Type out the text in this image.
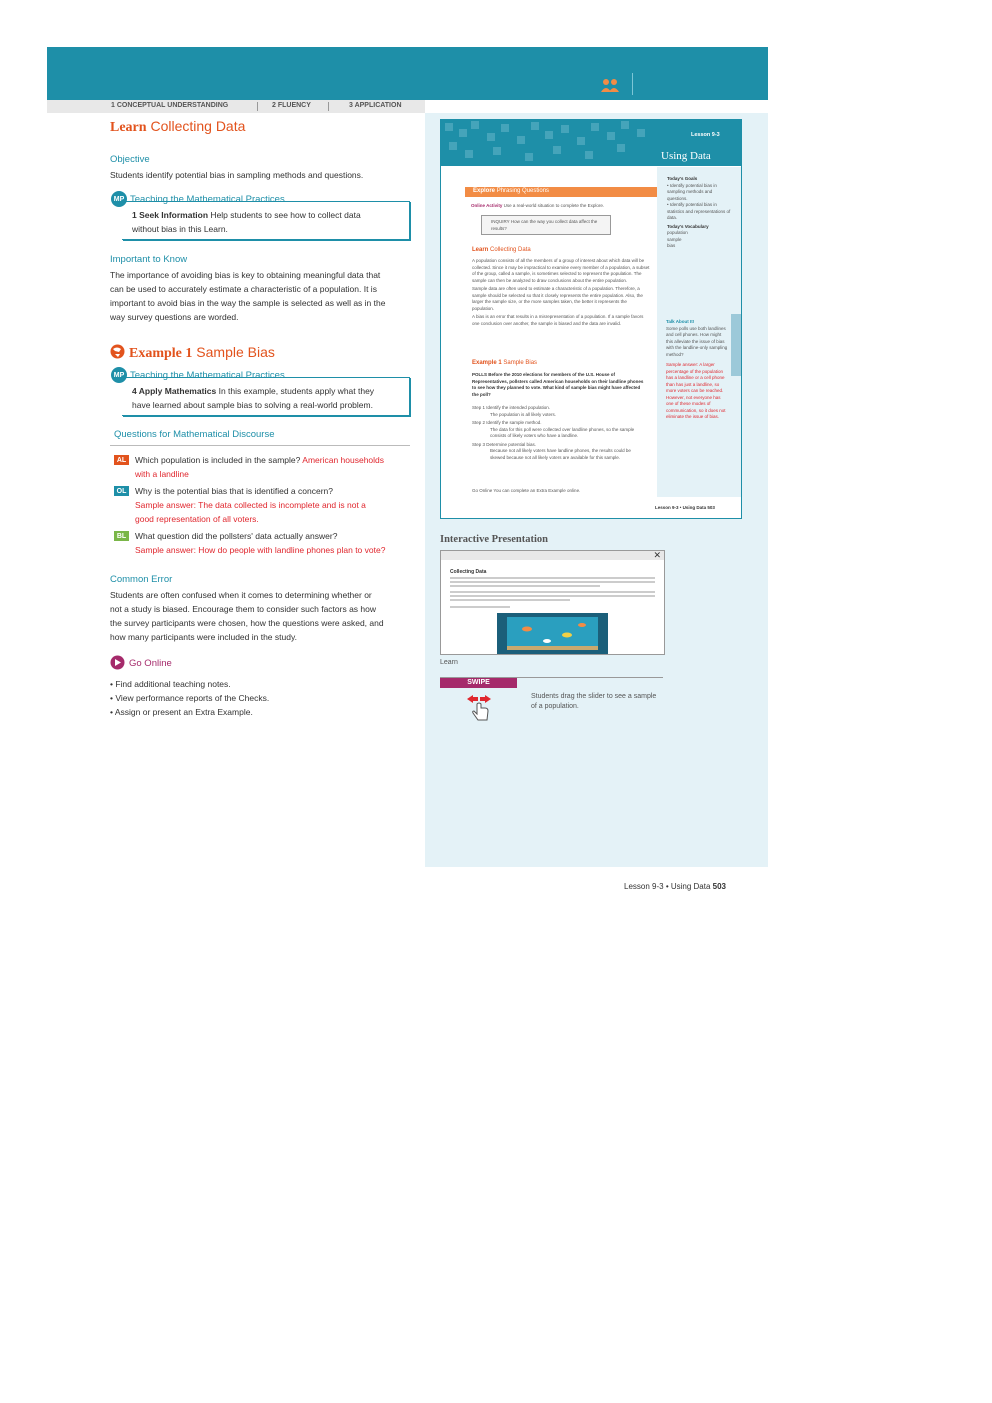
1 CONCEPTUAL UNDERSTANDING	2 FLUENCY	3 APPLICATION
Learn Collecting Data
Objective
Students identify potential bias in sampling methods and questions.
MP Teaching the Mathematical Practices
1 Seek Information Help students to see how to collect data
without bias in this Learn.
Important to Know
The importance of avoiding bias is key to obtaining meaningful data that
can be used to accurately estimate a characteristic of a population. It is
important to avoid bias in the way the sample is selected as well as in the
way survey questions are worded.
Example 1 Sample Bias
MP Teaching the Mathematical Practices
4 Apply Mathematics In this example, students apply what they
have learned about sample bias to solving a real-world problem.
Questions for Mathematical Discourse
AL	Which population is included in the sample? American households
with a landline
OL	Why is the potential bias that is identified a concern?
Sample answer: The data collected is incomplete and is not a
good representation of all voters.
BL	What question did the pollsters' data actually answer?
Sample answer: How do people with landline phones plan to vote?
Common Error
Students are often confused when it comes to determining whether or
not a study is biased. Encourage them to consider such factors as how
the survey participants were chosen, how the questions were asked, and
how many participants were included in the study.
Go Online
• Find additional teaching notes.
• View performance reports of the Checks.
• Assign or present an Extra Example.
Lesson 9-3
Using Data
Today's Goals
• Identify potential bias in sampling methods and questions.
• Identify potential bias in statistics and representations of data.
Today's Vocabulary
population
sample
bias
Talk About It!
Some polls use both landlines and cell phones. How might this alleviate the issue of bias with the landline-only sampling method?
Sample answer: A larger percentage of the population has a landline or a cell phone than has just a landline, so more voters can be reached. However, not everyone has one of these modes of communication, so it does not eliminate the issue of bias.
Explore Phrasing Questions
Online Activity Use a real-world situation to complete the Explore.
INQUIRY How can the way you collect data affect the results?
Learn Collecting Data
A population consists of all the members of a group of interest about which data will be collected. Since it may be impractical to examine every member of a population, a subset of the group, called a sample, is sometimes selected to represent the population. The sample can then be analyzed to draw conclusions about the entire population.
Sample data are often used to estimate a characteristic of a population. Therefore, a sample should be selected so that it closely represents the entire population. Also, the larger the sample size, or the more samples taken, the better it represents the population.
A bias is an error that results in a misrepresentation of a population. If a sample favors one conclusion over another, the sample is biased and the data are invalid.
Example 1 Sample Bias
POLLS Before the 2010 elections for members of the U.S. House of Representatives, pollsters called American households on their landline phones to see how they planned to vote. What kind of sample bias might have affected the poll?
Step 1 Identify the intended population.
The population is all likely voters.
Step 2 Identify the sample method.
The data for this poll were collected over landline phones, so the sample consists of likely voters who have a landline.
Step 3 Determine potential bias.
Because not all likely voters have landline phones, the results could be skewed because not all likely voters are available for this sample.
Go Online You can complete an Extra Example online.
Lesson 9-3 • Using Data 503
Interactive Presentation
✕
Collecting Data
Learn
SWIPE
Students drag the slider to see a sample
of a population.
Lesson 9-3 • Using Data 503
